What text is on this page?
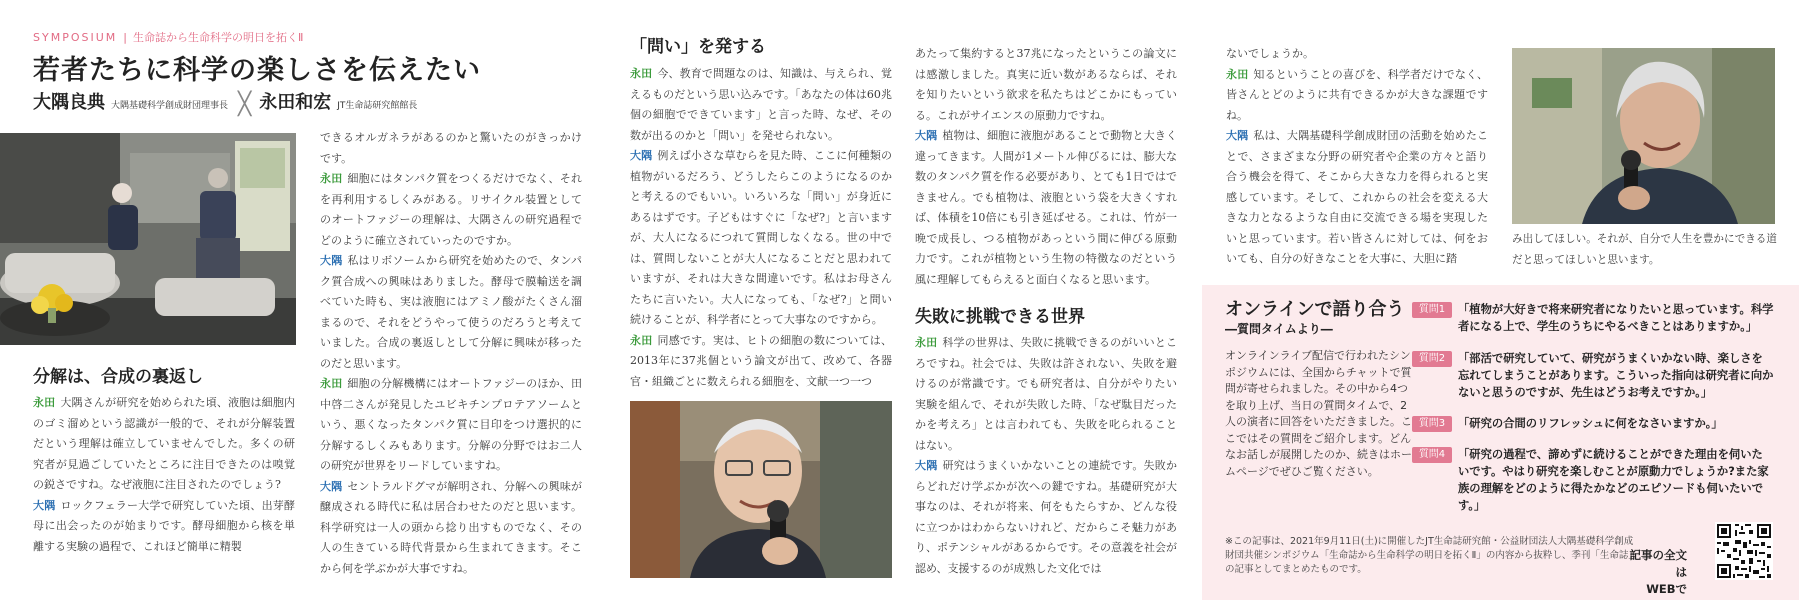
SYMPOSIUM | 生命誌から生命科学の明日を拓くⅡ
若者たちに科学の楽しさを伝えたい
大隅良典 大隅基礎科学創成財団理事長 ╳ 永田和宏 JT生命誌研究館館長
分解は、合成の裏返し

永田 大隅さんが研究を始められた頃、液胞は細胞内のゴミ溜めという認識が一般的で、それが分解装置だという理解は確立していませんでした。多くの研究者が見過ごしていたところに注目できたのは嗅覚の鋭さですね。なぜ液胞に注目されたのでしょう?

大隅 ロックフェラー大学で研究していた頃、出芽酵母に出会ったのが始まりです。酵母細胞から核を単離する実験の過程で、これほど簡単に精製

できるオルガネラがあるのかと驚いたのがきっかけです。

永田 細胞にはタンパク質をつくるだけでなく、それを再利用するしくみがある。リサイクル装置としてのオートファジーの理解は、大隅さんの研究過程でどのように確立されていったのですか。

大隅 私はリボソームから研究を始めたので、タンパク質合成への興味はありました。酵母で膜輸送を調べていた時も、実は液胞にはアミノ酸がたくさん溜まるので、それをどうやって使うのだろうと考えていました。合成の裏返しとして分解に興味が移ったのだと思います。

永田 細胞の分解機構にはオートファジーのほか、田中啓二さんが発見したユビキチンプロテアソームという、悪くなったタンパク質に目印をつけ選択的に分解するしくみもあります。分解の分野ではお二人の研究が世界をリードしていますね。

大隅 セントラルドグマが解明され、分解への興味が醸成される時代に私は居合わせたのだと思います。科学研究は一人の頭から捻り出すものでなく、その人の生きている時代背景から生まれてきます。そこから何を学ぶかが大事ですね。

「問い」を発する

永田 今、教育で問題なのは、知識は、与えられ、覚えるものだという思い込みです。「あなたの体は60兆個の細胞でできています」と言った時、なぜ、その数が出るのかと「問い」を発せられない。

大隅 例えば小さな草むらを見た時、ここに何種類の植物がいるだろう、どうしたらこのようになるのかと考えるのでもいい。いろいろな「問い」が身近にあるはずです。子どもはすぐに「なぜ?」と言いますが、大人になるにつれて質問しなくなる。世の中では、質問しないことが大人になることだと思われていますが、それは大きな間違いです。私はお母さんたちに言いたい。大人になっても、「なぜ?」と問い続けることが、科学者にとって大事なのですから。

永田 同感です。実は、ヒトの細胞の数については、2013年に37兆個という論文が出て、改めて、各器官・組織ごとに数えられる細胞を、文献一つ一つ

あたって集約すると37兆になったというこの論文には感激しました。真実に近い数があるならば、それを知りたいという欲求を私たちはどこかにもっている。これがサイエンスの原動力ですね。

大隅 植物は、細胞に液胞があることで動物と大きく違ってきます。人間が1メートル伸びるには、膨大な数のタンパク質を作る必要があり、とても1日ではできません。でも植物は、液胞という袋を大きくすれば、体積を10倍にも引き延ばせる。これは、竹が一晩で成長し、つる植物があっという間に伸びる原動力です。これが植物という生物の特徴なのだという風に理解してもらえると面白くなると思います。

失敗に挑戦できる世界

永田 科学の世界は、失敗に挑戦できるのがいいところですね。社会では、失敗は許されない、失敗を避けるのが常識です。でも研究者は、自分がやりたい実験を組んで、それが失敗した時、「なぜ駄目だったかを考えろ」とは言われても、失敗を叱られることはない。

大隅 研究はうまくいかないことの連続です。失敗からどれだけ学ぶかが次への鍵ですね。基礎研究が大事なのは、それが将来、何をもたらすか、どんな役に立つかはわからないけれど、だからこそ魅力があり、ポテンシャルがあるからです。その意義を社会が認め、支援するのが成熟した文化では

ないでしょうか。

永田 知るということの喜びを、科学者だけでなく、皆さんとどのように共有できるかが大きな課題ですね。

大隅 私は、大隅基礎科学創成財団の活動を始めたことで、さまざまな分野の研究者や企業の方々と語り合う機会を得て、そこから大きな力を得られると実感しています。そして、これからの社会を変える大きな力となるような自由に交流できる場を実現したいと思っています。若い皆さんに対しては、何をおいても、自分の好きなことを大事に、大胆に踏

み出してほしい。それが、自分で人生を豊かにできる道だと思ってほしいと思います。
オンラインで語り合う
―質問タイムより―
オンラインライブ配信で行われたシンポジウムには、全国からチャットで質問が寄せられました。その中から4つを取り上げ、当日の質問タイムで、2人の演者に回答をいただきました。ここではその質問をご紹介します。どんなお話しが展開したのか、続きはホームページでぜひご覧ください。
質問1	「植物が大好きで将来研究者になりたいと思っています。科学者になる上で、学生のうちにやるべきことはありますか。」
質問2	「部活で研究していて、研究がうまくいかない時、楽しさを忘れてしまうことがあります。こういった指向は研究者に向かないと思うのですが、先生はどうお考えですか。」
質問3	「研究の合間のリフレッシュに何をなさいますか。」
質問4	「研究の過程で、諦めずに続けることができた理由を伺いたいです。やはり研究を楽しむことが原動力でしょうか?また家族の理解をどのように得たかなどのエピソードも伺いたいです。」
※この記事は、2021年9月11日(土)に開催したJT生命誌研究館・公益財団法人大隅基礎科学創成財団共催シンポジウム「生命誌から生命科学の明日を拓くⅡ」の内容から抜粋し、季刊「生命誌」の記事としてまとめたものです。
記事の全文は
WEBで
